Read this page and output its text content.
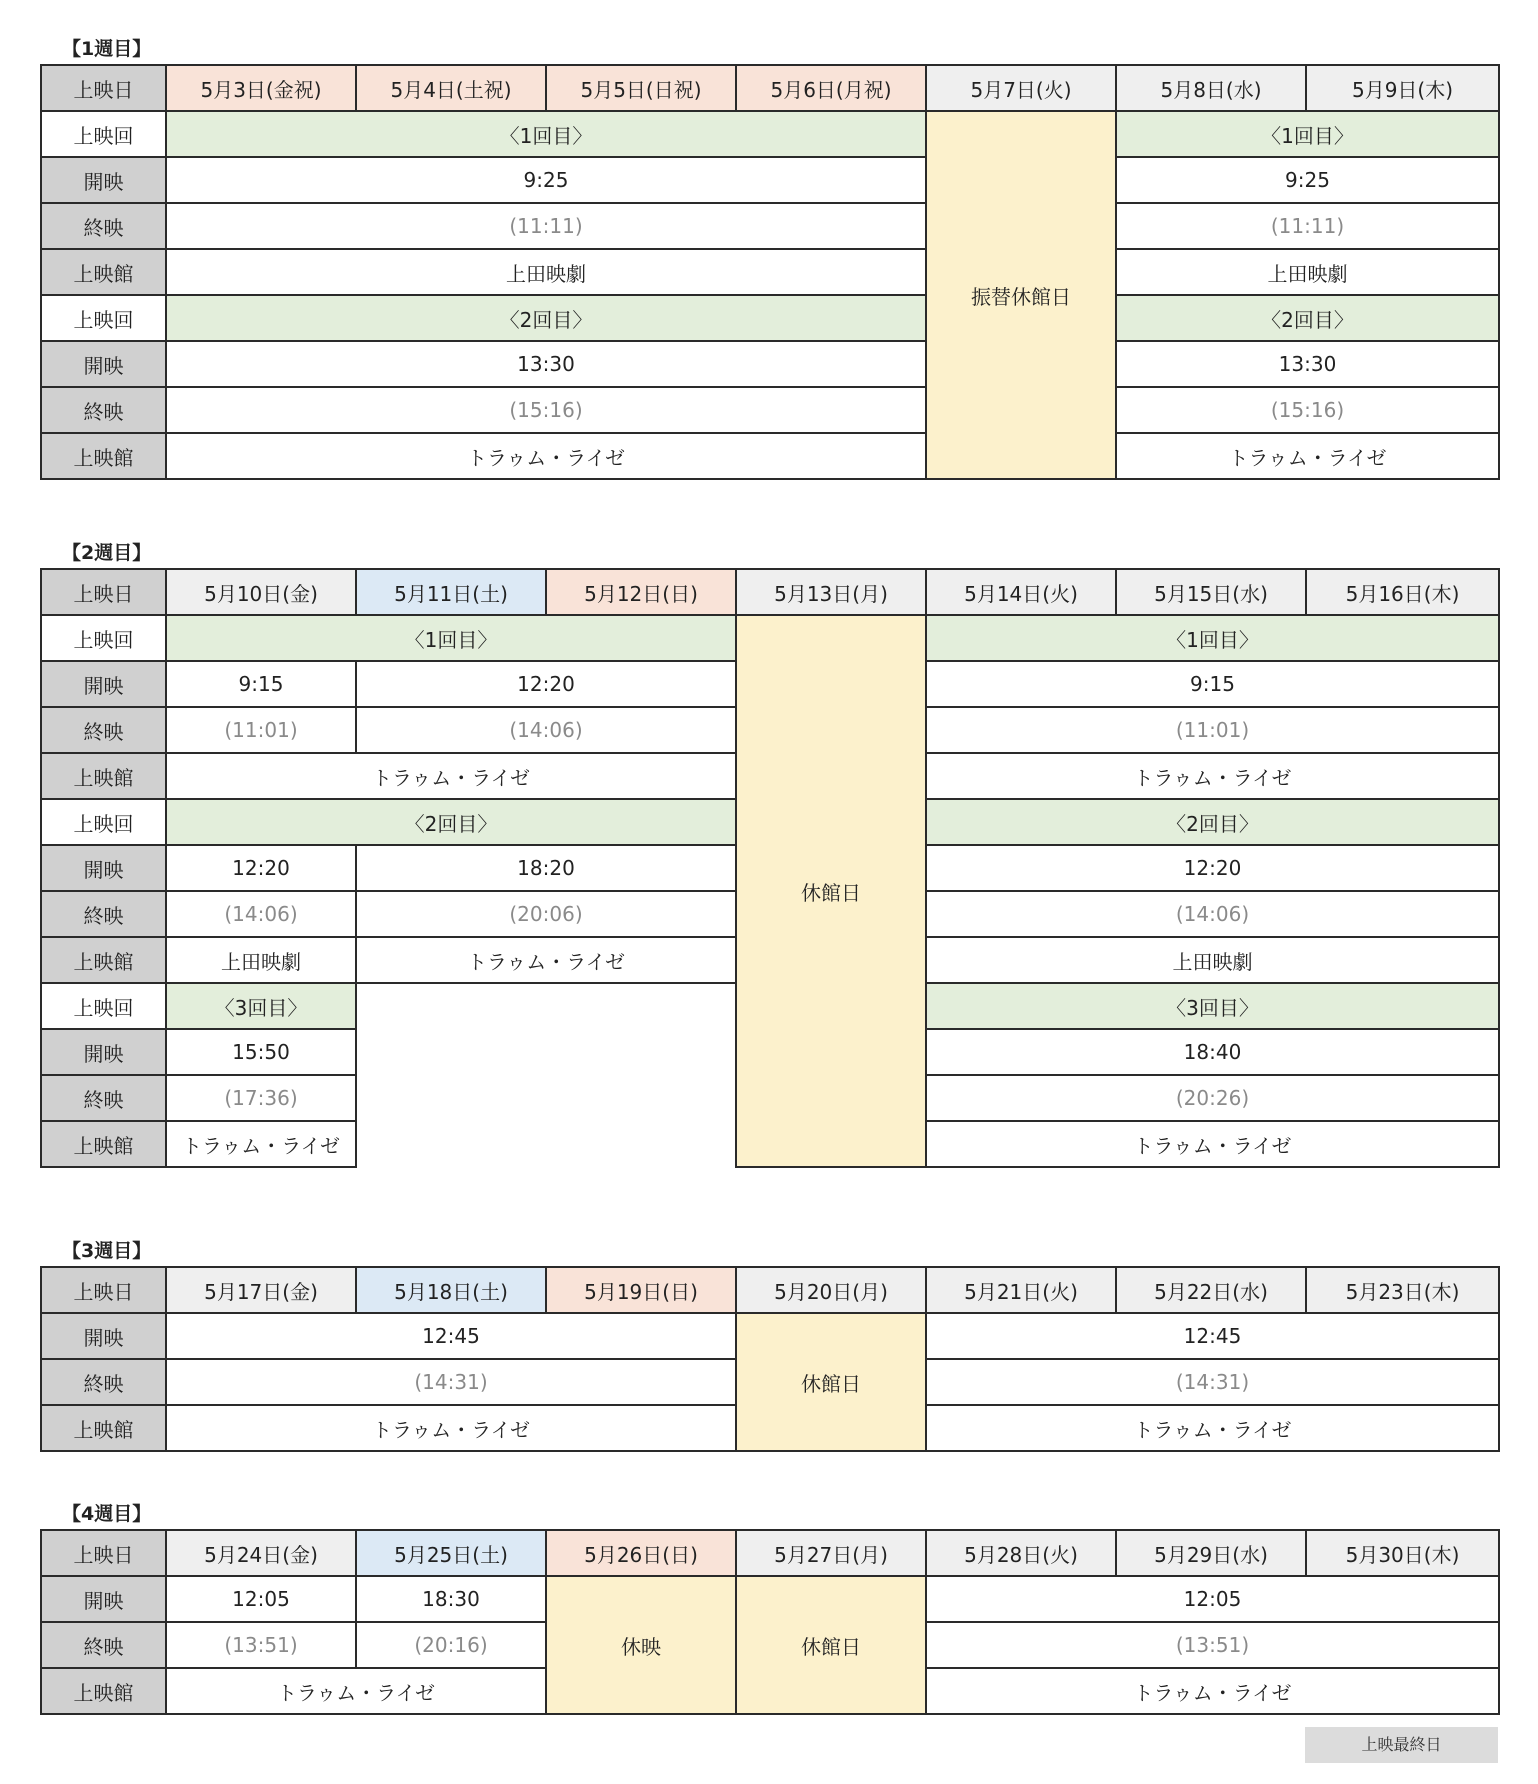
【1週目】
上映日	5月3日(金祝)	5月4日(土祝)	5月5日(日祝)	5月6日(月祝)	5月7日(火)	5月8日(水)	5月9日(木)
上映回	〈1回目〉				振替休館日	〈1回目〉	
開映	9:25					9:25	
終映	(11:11)					(11:11)	
上映館	上田映劇					上田映劇	
上映回	〈2回目〉					〈2回目〉	
開映	13:30					13:30	
終映	(15:16)					(15:16)	
上映館	トラゥム・ライゼ					トラゥム・ライゼ	
【2週目】
上映日	5月10日(金)	5月11日(土)	5月12日(日)	5月13日(月)	5月14日(火)	5月15日(水)	5月16日(木)
上映回	〈1回目〉			休館日	〈1回目〉		
開映	9:15	12:20			9:15		
終映	(11:01)	(14:06)			(11:01)		
上映館	トラゥム・ライゼ				トラゥム・ライゼ		
上映回	〈2回目〉				〈2回目〉		
開映	12:20	18:20			12:20		
終映	(14:06)	(20:06)			(14:06)		
上映館	上田映劇	トラゥム・ライゼ			上田映劇		
上映回	〈3回目〉				〈3回目〉		
開映	15:50				18:40		
終映	(17:36)				(20:26)		
上映館	トラゥム・ライゼ				トラゥム・ライゼ		
【3週目】
上映日	5月17日(金)	5月18日(土)	5月19日(日)	5月20日(月)	5月21日(火)	5月22日(水)	5月23日(木)
開映	12:45			休館日	12:45		
終映	(14:31)				(14:31)		
上映館	トラゥム・ライゼ				トラゥム・ライゼ		
【4週目】
上映日	5月24日(金)	5月25日(土)	5月26日(日)	5月27日(月)	5月28日(火)	5月29日(水)	5月30日(木)
開映	12:05	18:30	休映	休館日	12:05		
終映	(13:51)	(20:16)			(13:51)		
上映館	トラゥム・ライゼ				トラゥム・ライゼ		
上映最終日
